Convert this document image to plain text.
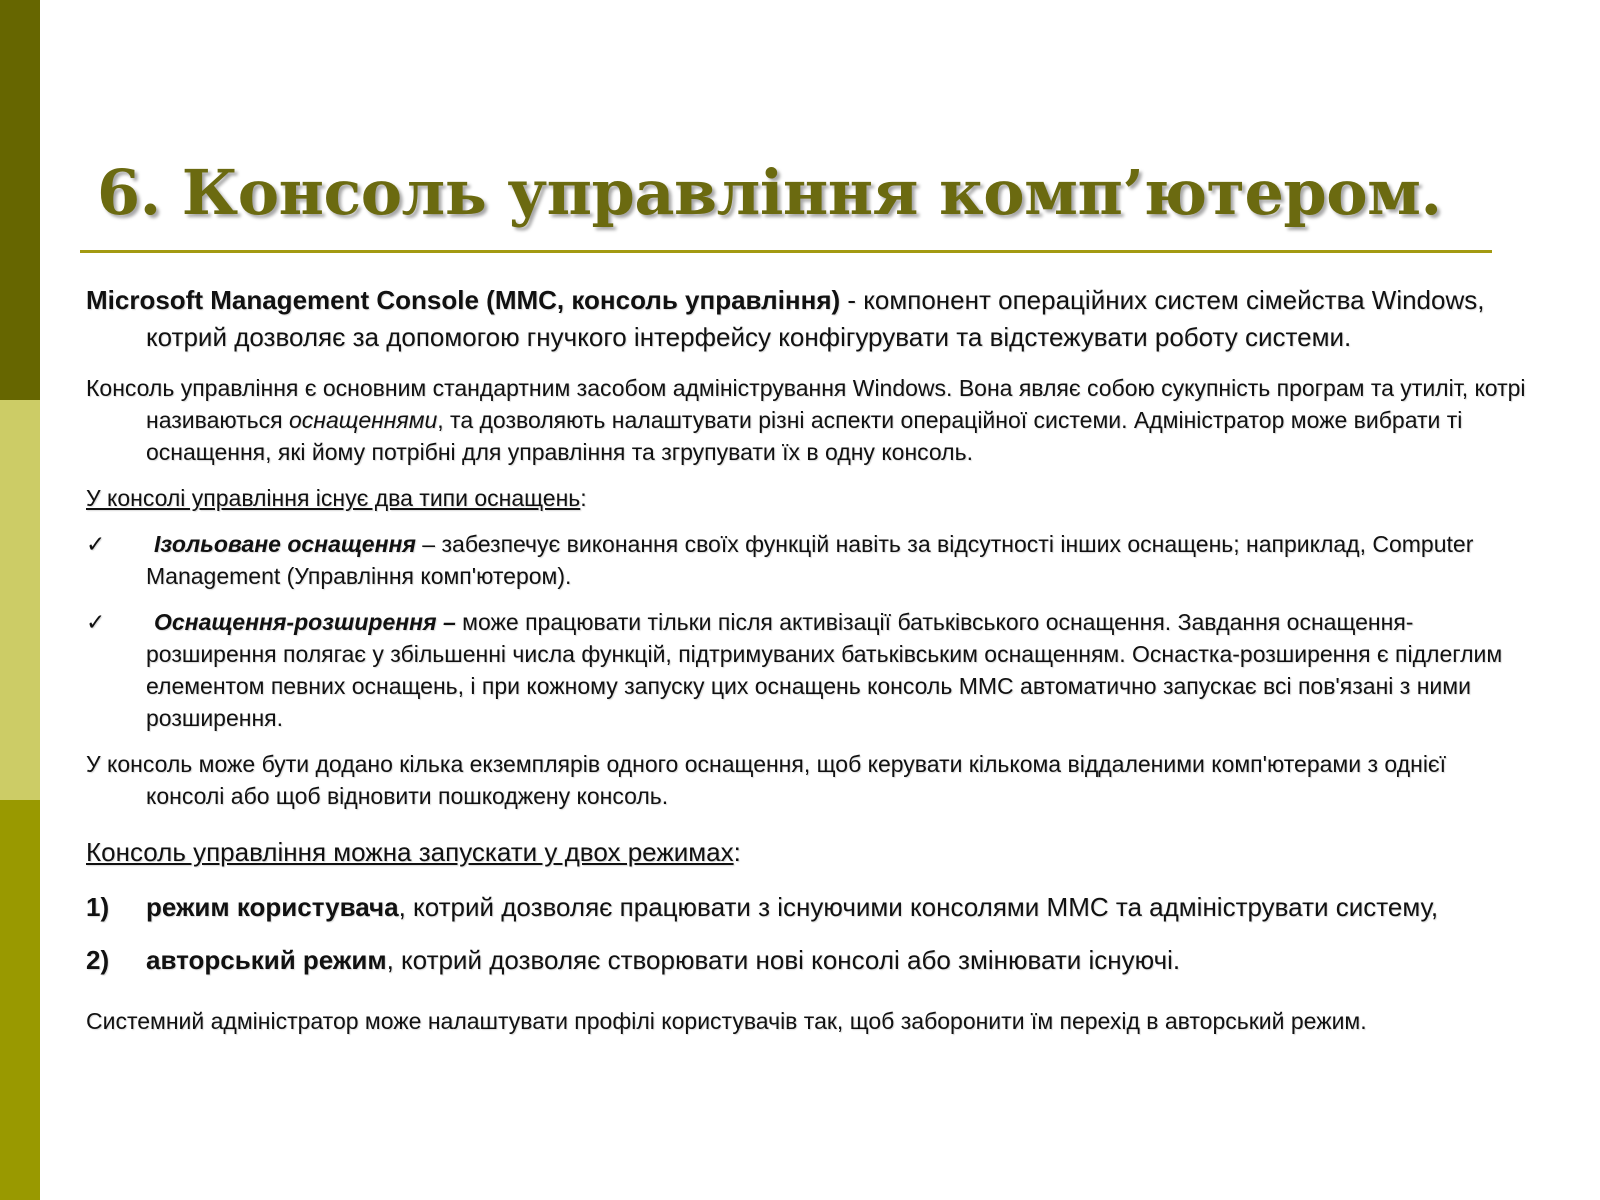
6. Консоль управління комп’ютером.

Microsoft Management Console (MMC, консоль управління) - компонент операційних систем сімейства Windows, котрий дозволяє за допомогою гнучкого інтерфейсу конфігурувати та відстежувати роботу системи.

Консоль управління є основним стандартним засобом адміністрування Windows. Вона являє собою сукупність програм та утиліт, котрі називаються оснащеннями, та дозволяють налаштувати різні аспекти операційної системи. Адміністратор може вибрати ті оснащення, які йому потрібні для управління та згрупувати їх в одну консоль.

У консолі управління існує два типи оснащень:

✓	Ізольоване оснащення – забезпечує виконання своїх функцій навіть за відсутності інших оснащень; наприклад, Computer Management (Управління комп'ютером).
✓	Оснащення-розширення – може працювати тільки після активізації батьківського оснащення. Завдання оснащення-розширення полягає у збільшенні числа функцій, підтримуваних батьківським оснащенням. Оснастка-розширення є підлеглим елементом певних оснащень, і при кожному запуску цих оснащень консоль MMC автоматично запускає всі пов'язані з ними розширення.

У консоль може бути додано кілька екземплярів одного оснащення, щоб керувати кількома віддаленими комп'ютерами з однієї консолі або щоб відновити пошкоджену консоль.

Консоль управління можна запускати у двох режимах:

1) режим користувача, котрий дозволяє працювати з існуючими консолями MMC та адмініструвати систему,
2) авторський режим, котрий дозволяє створювати нові консолі або змінювати існуючі.

Системний адміністратор може налаштувати профілі користувачів так, щоб заборонити їм перехід в авторський режим.
